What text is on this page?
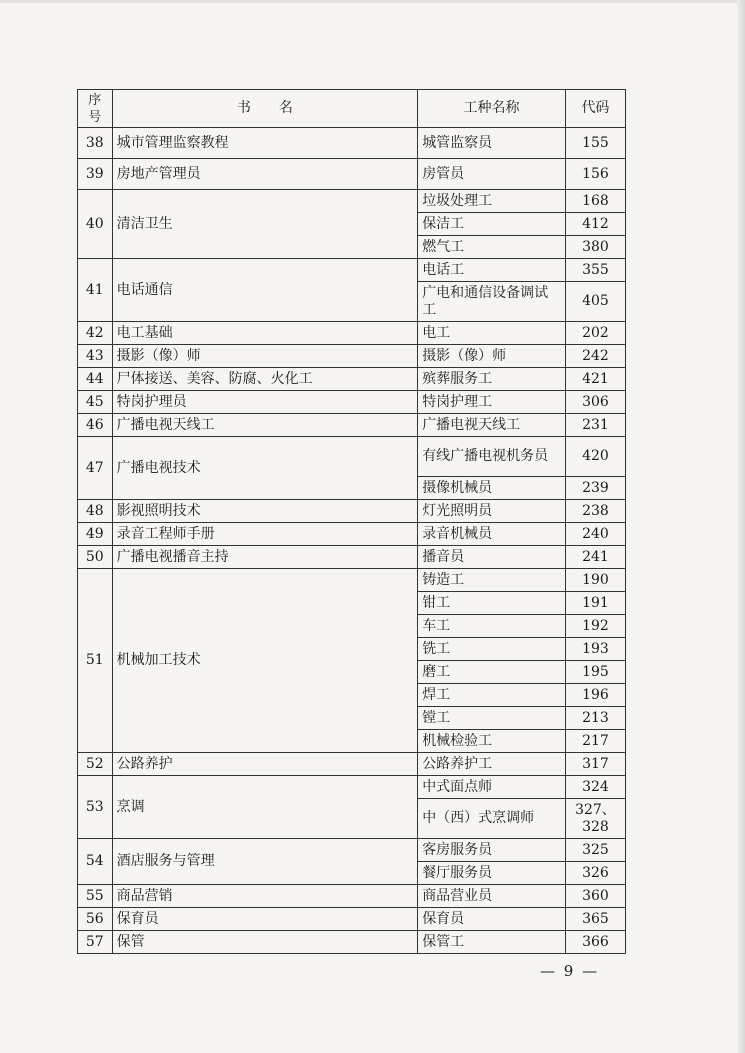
序
号	书　　名	工种名称	代码
38	城市管理监察教程	城管监察员	155
39	房地产管理员	房管员	156
40	清洁卫生	垃圾处理工	168
		保洁工	412
		燃气工	380
41	电话通信	电话工	355
		广电和通信设备调试工	405
42	电工基础	电工	202
43	摄影（像）师	摄影（像）师	242
44	尸体接送、美容、防腐、火化工	殡葬服务工	421
45	特岗护理员	特岗护理工	306
46	广播电视天线工	广播电视天线工	231
47	广播电视技术	有线广播电视机务员	420
		摄像机械员	239
48	影视照明技术	灯光照明员	238
49	录音工程师手册	录音机械员	240
50	广播电视播音主持	播音员	241
51	机械加工技术	铸造工	190
		钳工	191
		车工	192
		铣工	193
		磨工	195
		焊工	196
		镗工	213
		机械检验工	217
52	公路养护	公路养护工	317
53	烹调	中式面点师	324
		中（西）式烹调师	327、328
54	酒店服务与管理	客房服务员	325
		餐厅服务员	326
55	商品营销	商品营业员	360
56	保育员	保育员	365
57	保管	保管工	366
— 9 —
